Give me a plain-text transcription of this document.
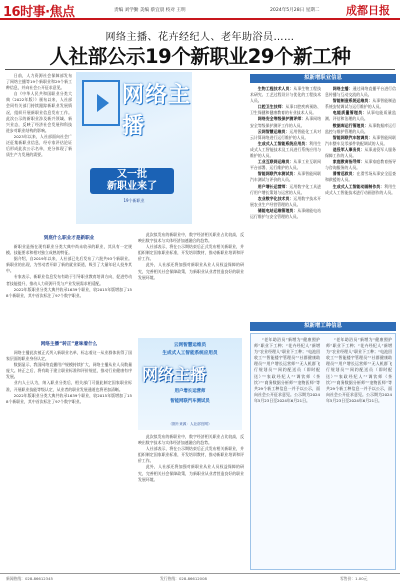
16时事·焦点	责编 刘学勤 美编 蔡宜晨 校对 王明	2024年5月28日 星期二 成都日报
网络主播、花卉经纪人、老年助浴员……
人社部公示19个新职业29个新工种

日前，人力资源社会保障部发布了网络主播等19个新职业和29个新工种信息，并向社会公开征求意见。

自《中华人民共和国职业分类大典（2022年版）》颁布以来，人社部会同有关部门持续跟踪新职业发展情况，组织开展新职业信息发布工作。此次公示的新职业涉及新兴领域、新兴业态，反映了经济社会发展和科技进步对职业结构的影响。

2023年以来，人社部面向社会广泛征集新职业信息，经专家评估论证后形成此次公示名单，充分体现了新质生产力发展的需要。

网络主播
又一批
新职业来了
19个新职业
到底什么职业才是新职业

新职业是指在现有职业分类大典中尚未收录的职业，其具有一定规模、技能要求和相对独立成熟的特征。

据介绍，自2019年以来，人社部已先后发布了六批共93个新职业。新职业的出现，为劳动者开辟了新的就业渠道，吸引了大量年轻人投身其中。

专家表示，新职业信息发布有助于引导职业教育培训方向，促进劳动者技能提升，推动人力资源开发与产业发展需求相适配。

2022年版职业分类大典共收录1639个职业，较2015年版增加了158个新职业，其中首次标注了97个数字职业。

此次拟发布的新职业中，数字经济相关职业占比较高，反映出数字技术与实体经济加速融合的趋势。

人社部表示，将在公示期结束后正式发布相关新职业，并组织制定国家职业标准，开发培训教材，推动新职业培训和评价工作。

此外，人社部还将加强对新职业从业人员权益保障的研究，完善相关社会保障政策，为新职业从业者营造良好的职业发展环境。

网络主播“转正”意味着什么

网络主播此次被正式列入新职业名单，标志着这一从业群体获得了国家层面的职业身份认定。

数据显示，我国网络直播用户规模持续扩大，网络主播从业人员数量庞大。转正之后，将有助于建立职业标准和评价规范，推动行业健康有序发展。

业内人士认为，纳入职业分类后，相关部门可据此制定国家职业标准，开展职业技能等级认定，从业者的职业发展通道也将更加清晰。

2022年版职业分类大典共收录1639个职业，较2015年版增加了158个新职业，其中首次标注了97个数字职业。

云网智慧运维员
生成式人工智能系统应用员
网络主播
用户增长运营师
智能网联汽车测试员
（图片来源：人社部官网）

此次拟发布的新职业中，数字经济相关职业占比较高，反映出数字技术与实体经济加速融合的趋势。

人社部表示，将在公示期结束后正式发布相关新职业，并组织制定国家职业标准，开发培训教材，推动新职业培训和评价工作。

此外，人社部还将加强对新职业从业人员权益保障的研究，完善相关社会保障政策，为新职业从业者营造良好的职业发展环境。

拟新增职业信息

生物工程技术人员：从事生物工程技术研究、工艺过程设计与优化的工程技术人员。

口腔卫生技师：从事口腔疾病预防、卫生保健和健康教育的专业技术人员。

网络安全等级保护测评师：从事网络安全等级保护测评工作的人员。

云网智慧运维员：运用智能化工具对云计算网络进行运行维护的人员。

生成式人工智能系统应用员：利用生成式人工智能技术及工具进行系统应用与维护的人员。

工业互联网运维员：从事工业互联网平台部署、运行维护的人员。

智能网联汽车测试员：从事智能网联汽车测试与评价的人员。

用户增长运营师：运用数字化工具进行用户增长策划与运营的人员。

农业数字化技术员：运用数字技术开展农业生产经营管理的人员。

储能电站运维管理员：从事储能电站运行维护与安全管理的人员。

网络主播：通过网络直播平台进行信息传播与互动交流的人员。

智能制造系统运维员：从事智能制造系统安装调试与运行维护的人员。

电能质量管理员：从事电能质量监测、评估和治理的人员。

数据库运行管理员：从事数据库运行监控与维护管理的人员。

智能网联汽车装调员：从事智能网联汽车整车及零部件装配调试的人员。

退役军人事务员：从事退役军人服务保障工作的人员。

家庭教育指导师：从事家庭教育指导与咨询服务的人员。

滑雪巡救员：在滑雪场从事安全巡查和救援的人员。

生成式人工智能动画制作员：利用生成式人工智能技术进行动画创作的人员。

拟新增工种信息

“老年助浴员”新增为“健康照护师”职业下工种；“花卉经纪人”新增为“农业经理人”职业下工种；“电池回收工”“智能楼宇管理员”“社群健康助理员”“用户增长运营师”“无人机群飞行规划员”“网约配送员（即时配送）”“家政经纪人”“调饮师（茶饮）”“商务数据分析师”“宠物医师”等共29个新工种信息一并予以公示，面向社会公开征求意见。公示期为2024年5月23日至2024年6月21日。

“老年助浴员”新增为“健康照护师”职业下工种；“花卉经纪人”新增为“农业经理人”职业下工种；“电池回收工”“智能楼宇管理员”“社群健康助理员”“用户增长运营师”“无人机群飞行规划员”“网约配送员（即时配送）”“家政经纪人”“调饮师（茶饮）”“商务数据分析师”“宠物医师”等共29个新工种信息一并予以公示，面向社会公开征求意见。公示期为2024年5月23日至2024年6月21日。

新闻热线：028-86612345	发行热线：028-86612008	零售价：1.00元
